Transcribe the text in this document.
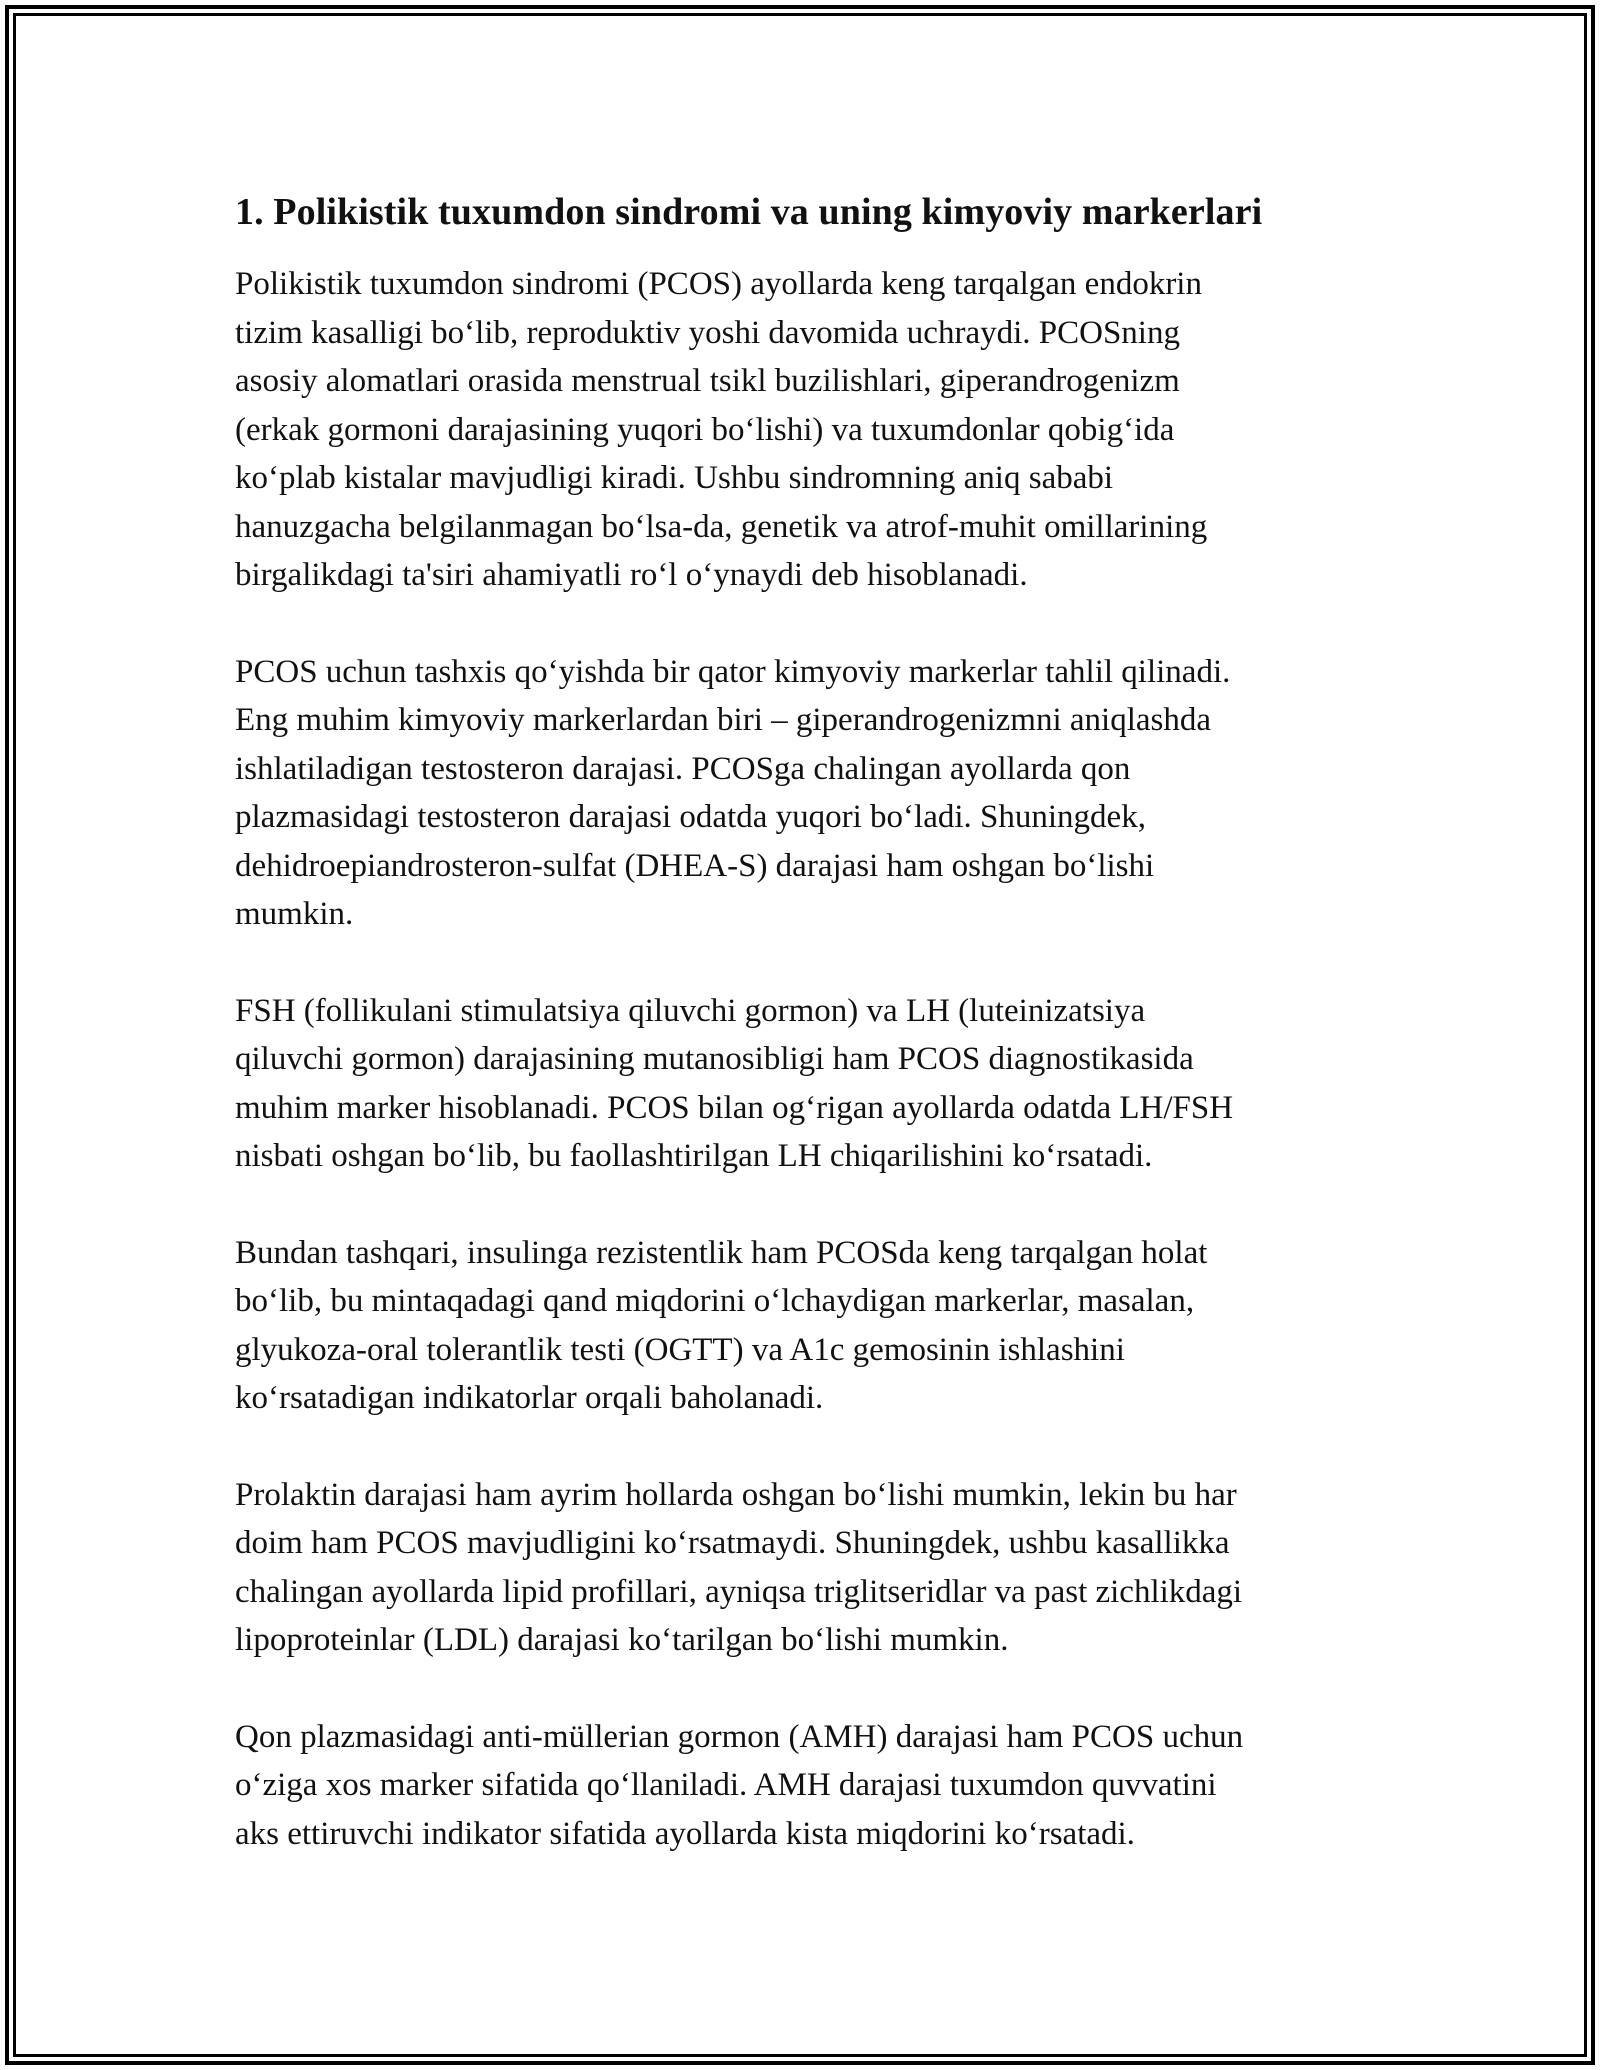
1. Polikistik tuxumdon sindromi va uning kimyoviy markerlari

Polikistik tuxumdon sindromi (PCOS) ayollarda keng tarqalgan endokrin
tizim kasalligi boʻlib, reproduktiv yoshi davomida uchraydi. PCOSning
asosiy alomatlari orasida menstrual tsikl buzilishlari, giperandrogenizm
(erkak gormoni darajasining yuqori boʻlishi) va tuxumdonlar qobigʻida
koʻplab kistalar mavjudligi kiradi. Ushbu sindromning aniq sababi
hanuzgacha belgilanmagan boʻlsa-da, genetik va atrof-muhit omillarining
birgalikdagi ta'siri ahamiyatli roʻl oʻynaydi deb hisoblanadi.

PCOS uchun tashxis qoʻyishda bir qator kimyoviy markerlar tahlil qilinadi.
Eng muhim kimyoviy markerlardan biri – giperandrogenizmni aniqlashda
ishlatiladigan testosteron darajasi. PCOSga chalingan ayollarda qon
plazmasidagi testosteron darajasi odatda yuqori boʻladi. Shuningdek,
dehidroepiandrosteron-sulfat (DHEA-S) darajasi ham oshgan boʻlishi
mumkin.

FSH (follikulani stimulatsiya qiluvchi gormon) va LH (luteinizatsiya
qiluvchi gormon) darajasining mutanosibligi ham PCOS diagnostikasida
muhim marker hisoblanadi. PCOS bilan ogʻrigan ayollarda odatda LH/FSH
nisbati oshgan boʻlib, bu faollashtirilgan LH chiqarilishini koʻrsatadi.

Bundan tashqari, insulinga rezistentlik ham PCOSda keng tarqalgan holat
boʻlib, bu mintaqadagi qand miqdorini oʻlchaydigan markerlar, masalan,
glyukoza-oral tolerantlik testi (OGTT) va A1c gemosinin ishlashini
koʻrsatadigan indikatorlar orqali baholanadi.

Prolaktin darajasi ham ayrim hollarda oshgan boʻlishi mumkin, lekin bu har
doim ham PCOS mavjudligini koʻrsatmaydi. Shuningdek, ushbu kasallikka
chalingan ayollarda lipid profillari, ayniqsa triglitseridlar va past zichlikdagi
lipoproteinlar (LDL) darajasi koʻtarilgan boʻlishi mumkin.

Qon plazmasidagi anti-müllerian gormon (AMH) darajasi ham PCOS uchun
oʻziga xos marker sifatida qoʻllaniladi. AMH darajasi tuxumdon quvvatini
aks ettiruvchi indikator sifatida ayollarda kista miqdorini koʻrsatadi.
